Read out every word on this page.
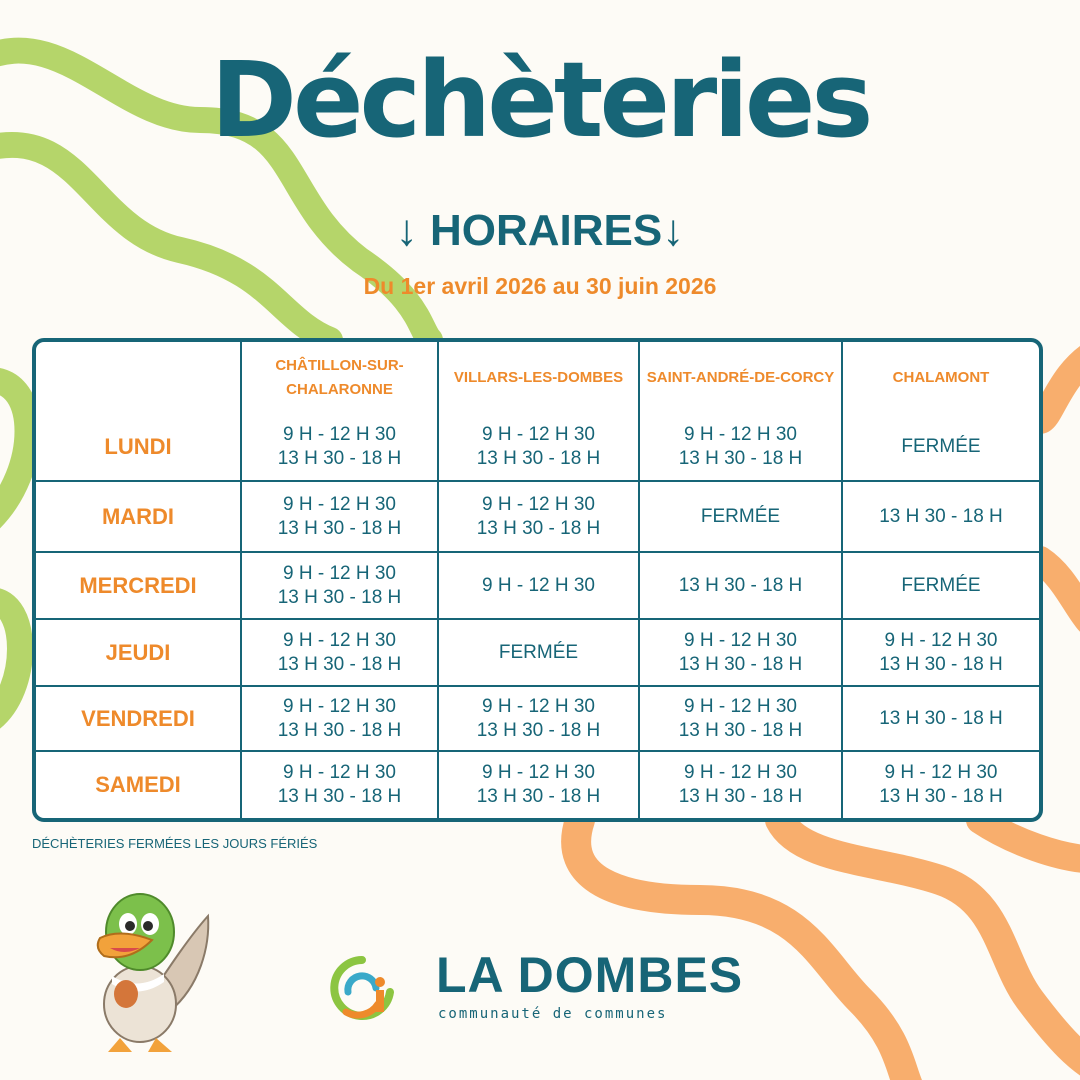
Déchèteries
↓ HORAIRES↓
Du 1er avril 2026 au 30 juin 2026
	CHÂTILLON-SUR-CHALARONNE	VILLARS-LES-DOMBES	SAINT-ANDRÉ-DE-CORCY	CHALAMONT
LUNDI	9 H - 12 H 30
13 H 30 - 18 H	9 H - 12 H 30
13 H 30 - 18 H	9 H - 12 H 30
13 H 30 - 18 H	FERMÉE

MARDI	9 H - 12 H 30
13 H 30 - 18 H	9 H - 12 H 30
13 H 30 - 18 H	FERMÉE	13 H 30 - 18 H

MERCREDI	9 H - 12 H 30
13 H 30 - 18 H	9 H - 12 H 30	13 H 30 - 18 H	FERMÉE

JEUDI	9 H - 12 H 30
13 H 30 - 18 H	FERMÉE	9 H - 12 H 30
13 H 30 - 18 H	9 H - 12 H 30
13 H 30 - 18 H

VENDREDI	9 H - 12 H 30
13 H 30 - 18 H	9 H - 12 H 30
13 H 30 - 18 H	9 H - 12 H 30
13 H 30 - 18 H	13 H 30 - 18 H

SAMEDI	9 H - 12 H 30
13 H 30 - 18 H	9 H - 12 H 30
13 H 30 - 18 H	9 H - 12 H 30
13 H 30 - 18 H	9 H - 12 H 30
13 H 30 - 18 H
DÉCHÈTERIES FERMÉES LES JOURS FÉRIÉS
LA DOMBES
communauté de communes
